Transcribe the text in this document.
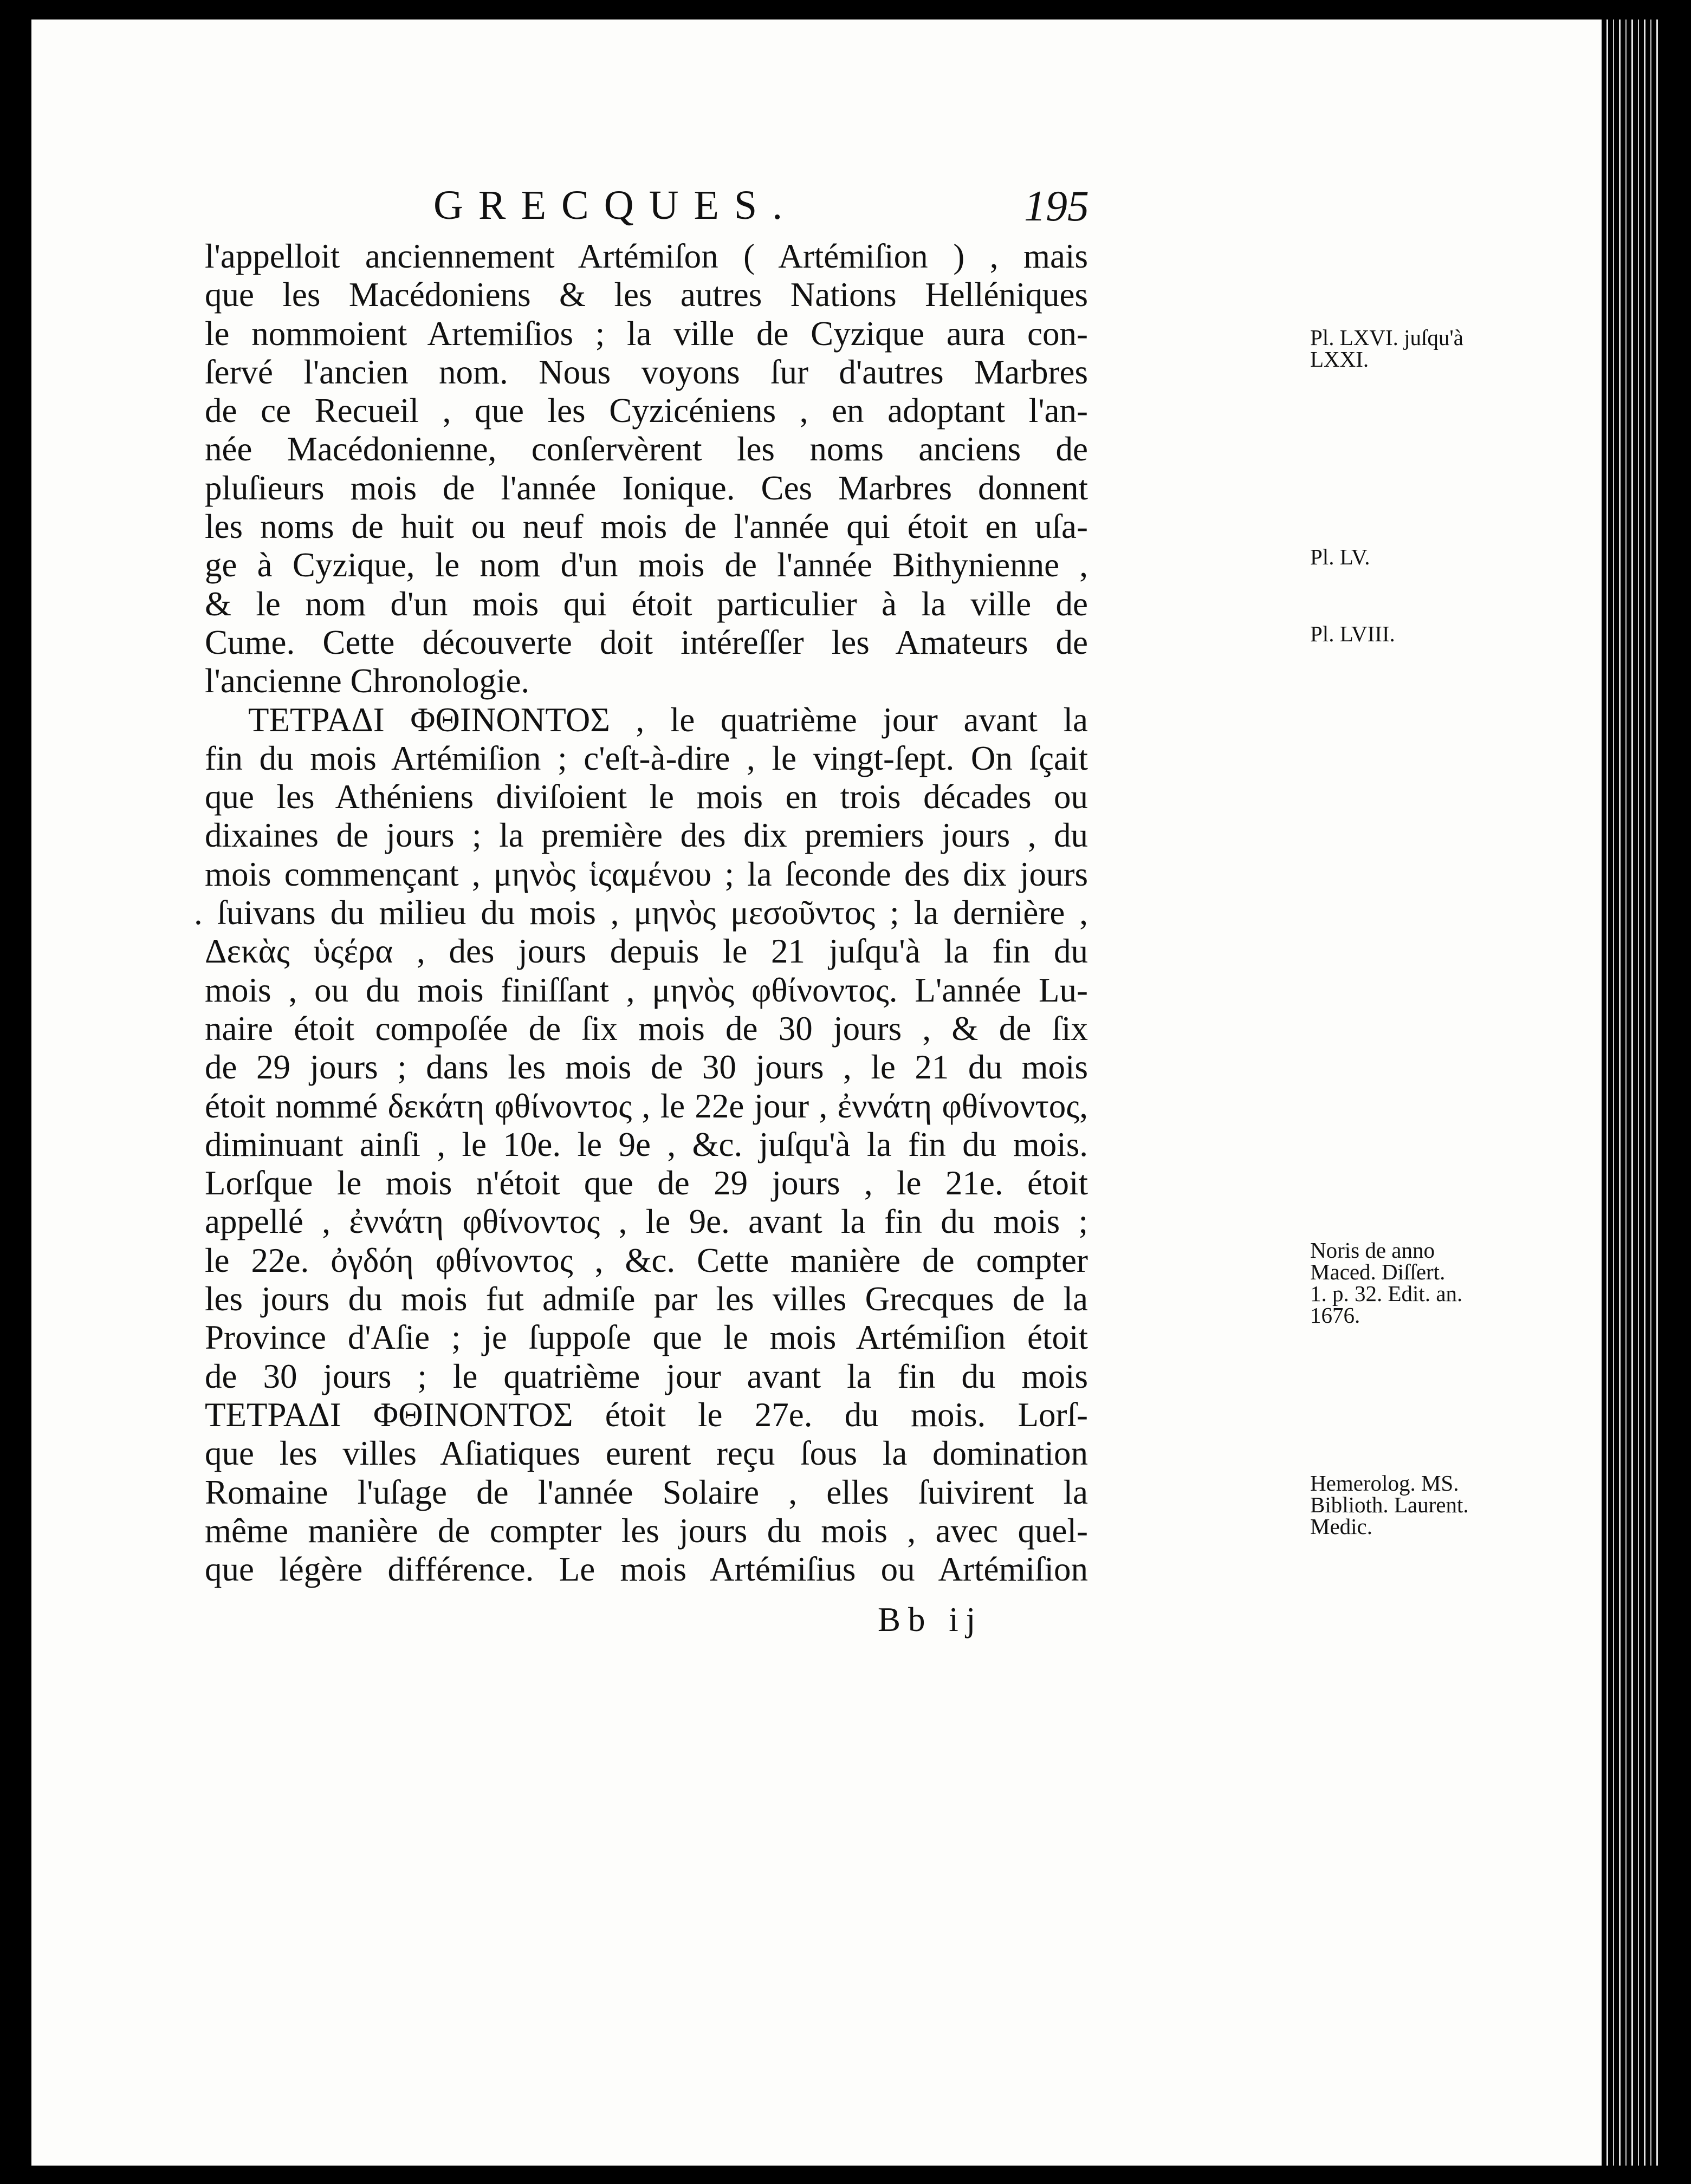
GRECQUES.	195
l'appelloit anciennement Artémiſon ( Artémiſion ) , mais
que les Macédoniens & les autres Nations Helléniques
le nommoient Artemiſios ; la ville de Cyzique aura con-
ſervé l'ancien nom. Nous voyons ſur d'autres Marbres
de ce Recueil , que les Cyzicéniens , en adoptant l'an-
née Macédonienne, conſervèrent les noms anciens de
pluſieurs mois de l'année Ionique. Ces Marbres donnent
les noms de huit ou neuf mois de l'année qui étoit en uſa-
ge à Cyzique, le nom d'un mois de l'année Bithynienne ,
& le nom d'un mois qui étoit particulier à la ville de
Cume. Cette découverte doit intéreſſer les Amateurs de
l'ancienne Chronologie.
ΤΕΤΡΑΔΙ ΦΘΙΝΟΝΤΟΣ , le quatrième jour avant la
fin du mois Artémiſion ; c'eſt-à-dire , le vingt-ſept. On ſçait
que les Athéniens diviſoient le mois en trois décades ou
dixaines de jours ; la première des dix premiers jours , du
mois commençant , μηνὸς ἱςαμένου ; la ſeconde des dix jours
. ſuivans du milieu du mois , μηνὸς μεσοῦντος ; la dernière ,
Δεκὰς ὑςέρα , des jours depuis le 21 juſqu'à la fin du
mois , ou du mois finiſſant , μηνὸς φθίνοντος. L'année Lu-
naire étoit compoſée de ſix mois de 30 jours , & de ſix
de 29 jours ; dans les mois de 30 jours , le 21 du mois
étoit nommé δεκάτη φθίνοντος , le 22e jour , ἐννάτη φθίνοντος,
diminuant ainſi , le 10e. le 9e , &c. juſqu'à la fin du mois.
Lorſque le mois n'étoit que de 29 jours , le 21e. étoit
appellé , ἐννάτη φθίνοντος , le 9e. avant la fin du mois ;
le 22e. ὀγδόη φθίνοντος , &c. Cette manière de compter
les jours du mois fut admiſe par les villes Grecques de la
Province d'Aſie ; je ſuppoſe que le mois Artémiſion étoit
de 30 jours ; le quatrième jour avant la fin du mois
ΤΕΤΡΑΔΙ ΦΘΙΝΟΝΤΟΣ étoit le 27e. du mois. Lorſ-
que les villes Aſiatiques eurent reçu ſous la domination
Romaine l'uſage de l'année Solaire , elles ſuivirent la
même manière de compter les jours du mois , avec quel-
que légère différence. Le mois Artémiſius ou Artémiſion
Pl. LXVI. juſqu'à
LXXI.
Pl. LV.
Pl. LVIII.
Noris de anno
Maced. Diſſert.
1. p. 32. Edit. an.
1676.
Hemerolog. MS.
Biblioth. Laurent.
Medic.
Bb ij
